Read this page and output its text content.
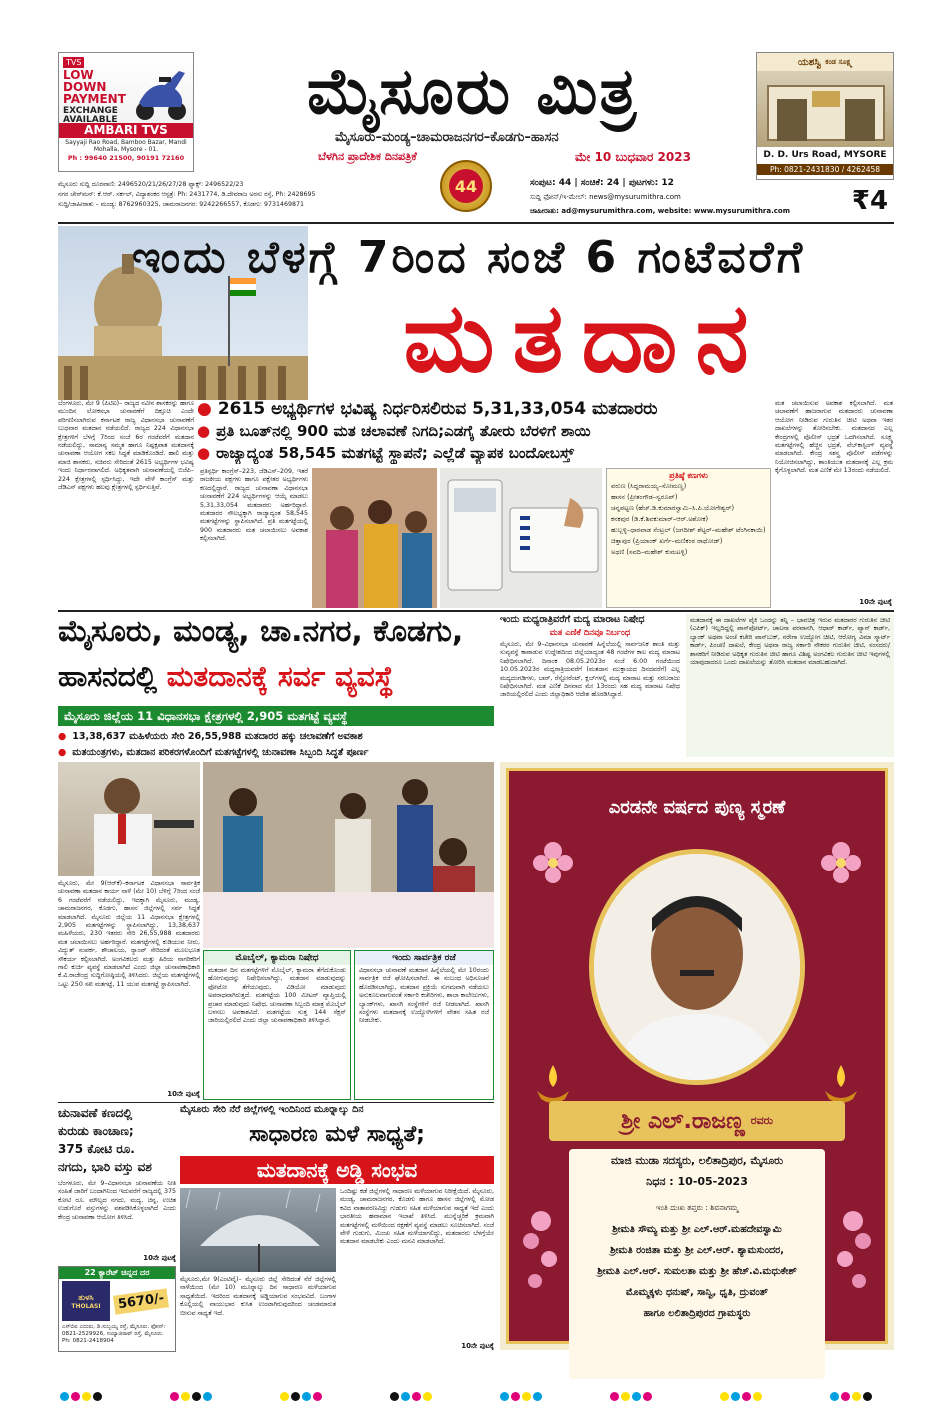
TVS
LOW
DOWN
PAYMENT
EXCHANGE
AVAILABLE
AMBARI TVS
Sayyaji Rao Road, Bamboo Bazar, Mandi Mohalla, Mysore - 01.
Ph : 99640 21500, 90191 72160
ಮೈಸೂರು ಮಿತ್ರ
ಮೈಸೂರು–ಮಂಡ್ಯ–ಚಾಮರಾಜನಗರ–ಕೊಡಗು–ಹಾಸನ
ಬೆಳಗಿನ ಪ್ರಾದೇಶಿಕ ದಿನಪತ್ರಿಕೆ	ಮೇ 10 ಬುಧವಾರ 2023
44
ಮೈಸೂರು ಸುದ್ದಿ ದೂರವಾಣಿ: 2496520/21/26/27/28 ಫ್ಯಾಕ್ಸ್: 2496522/23
ನಗರ ಚೇರ್‌ಮನ್: ಕೆ.ಆರ್. ಸರ್ಕಲ್, ವಿದ್ಯಾಶಂಕರ ಆಸ್ಪತ್ರೆ: Ph: 2431774, ಡಿ.ದೇವರಾಜ ಅರಸು ರಸ್ತೆ, Ph: 2428695
ಸುದ್ದಿ/ಜಾಹೀರಾತು – ಮಂಡ್ಯ: 8762960325, ಚಾಮರಾಜನಗರ: 9242266557, ಕೊಡಗು: 9731469871
ಸಂಪುಟ: 44 | ಸಂಚಿಕೆ: 24 | ಪುಟಗಳು: 12
ಸುದ್ದಿ ಫೋನ್/ಇ-ಮೇಲ್: news@mysurumithra.com
ಜಾಹೀರಾತು: ad@mysurumithra.com, website: www.mysurumithra.com	₹4
ಯಶಸ್ವಿ ಕಂಡ ಸೂಕ್ಷ್ಮ
D. D. Urs Road, MYSORE
Ph: 0821-2431830 / 4262458
ಇಂದು ಬೆಳಗ್ಗೆ 7ರಿಂದ ಸಂಜೆ 6 ಗಂಟೆವರೆಗೆ
ಮತದಾನ
● 2615 ಅಭ್ಯರ್ಥಿಗಳ ಭವಿಷ್ಯ ನಿರ್ಧರಿಸಲಿರುವ 5,31,33,054 ಮತದಾರರು
● ಪ್ರತಿ ಬೂತ್‌ನಲ್ಲಿ 900 ಮತ ಚಲಾವಣೆ ನಿಗದಿ;ಎಡಗೈ ತೋರು ಬೆರಳಿಗೆ ಶಾಯಿ
● ರಾಜ್ಯಾದ್ಯಂತ 58,545 ಮತಗಟ್ಟೆ ಸ್ಥಾಪನೆ; ಎಲ್ಲೆಡೆ ವ್ಯಾಪಕ ಬಂದೋಬಸ್ತ್
ಬೆಂಗಳೂರು, ಮೇ 9 (ಪಿಟಿಐ)– ರಾಜ್ಯದ ನವೀನ ಶಾಸಕರನ್ನು ಹಾಗೂ ಮುಂದಿನ ಲೋಕಸಭಾ ಚುನಾವಣೆಗೆ ದಿಕ್ಸೂಚಿ ಎಂದೇ ಪರಿಗಣಿಸಲಾಗಿರುವ ಕರ್ನಾಟಕ ರಾಜ್ಯ ವಿಧಾನಸಭಾ ಚುನಾವಣೆಗೆ ಬುಧವಾರ ಮತದಾನ ನಡೆಯಲಿದೆ. ರಾಜ್ಯದ 224 ವಿಧಾನಸಭಾ ಕ್ಷೇತ್ರಗಳಿಗೆ ಬೆಳಗ್ಗೆ 7ರಿಂದ ಸಂಜೆ 6ರ ಗಂಟೆವರೆಗೆ ಮತದಾನ ನಡೆಯಲಿದ್ದು, ಸಾಮಾನ್ಯ ಸಮ್ಮತ ಹಾಗೂ ನಿಷ್ಪಕ್ಷಪಾತ ಮತದಾನಕ್ಕೆ ಚುನಾವಣಾ ಆಯೋಗ ಸಕಲ ಸಿದ್ಧತೆ ಮಾಡಿಕೊಂಡಿದೆ. ಹಾಲಿ ಮತ್ತು ಮಾಜಿ ಶಾಸಕರು, ಸಚಿವರು ಸೇರಿದಂತೆ 2615 ಅಭ್ಯರ್ಥಿಗಳ ಭವಿಷ್ಯ ಇಂದು ನಿರ್ಧಾರವಾಗಲಿದೆ. ಅಧಿಕೃತವಾಗಿ ಚುನಾವಣೆಯಲ್ಲಿ ಬಿಜೆಪಿ–224 ಕ್ಷೇತ್ರಗಳಲ್ಲಿ ಸ್ಪರ್ಧಿಸಿದ್ದು, ಇದೇ ವೇಳೆ ಕಾಂಗ್ರೆಸ್ ಮತ್ತು ಜೆಡಿಎಸ್ ಪಕ್ಷಗಳು ಹಲವು ಕ್ಷೇತ್ರಗಳಲ್ಲಿ ಸ್ಪರ್ಧಿಸುತ್ತಿವೆ.
ಪ್ರತಿಸ್ಪರ್ಧಿ ಕಾಂಗ್ರೆಸ್–223, ಜೆಡಿಎಸ್–209, ಇತರೆ ರಾಜಕೀಯ ಪಕ್ಷಗಳು ಹಾಗೂ ಪಕ್ಷೇತರ ಅಭ್ಯರ್ಥಿಗಳು ಕಣದಲ್ಲಿದ್ದಾರೆ. ರಾಜ್ಯದ ಚುನಾವಣಾ ವಿಧಾನಸಭಾ ಚುನಾವಣೆಗೆ 224 ಅಭ್ಯರ್ಥಿಗಳನ್ನು ಆಯ್ಕೆ ಮಾಡಲು 5,31,33,054 ಮತದಾರರು ಅರ್ಹರಿದ್ದಾರೆ. ಮತದಾರರ ಸೌಲಭ್ಯಕ್ಕಾಗಿ ರಾಜ್ಯಾದ್ಯಂತ 58,545 ಮತಗಟ್ಟೆಗಳನ್ನು ಸ್ಥಾಪಿಸಲಾಗಿದೆ. ಪ್ರತಿ ಮತಗಟ್ಟೆಯಲ್ಲಿ 900 ಮತದಾರರು ಮತ ಚಲಾಯಿಸಲು ಅವಕಾಶ ಕಲ್ಪಿಸಲಾಗಿದೆ.
ಪ್ರತಿಷ್ಠೆ ಕಣಗಳು
ವರುಣ (ಸಿದ್ದರಾಮಯ್ಯ–ಸೋಮಣ್ಣ)
ಹಾಸನ (ಪ್ರೀತಂಗೌಡ–ಸ್ವರೂಪ್)
ಚನ್ನಪಟ್ಟಣ (ಹೆಚ್.ಡಿ.ಕುಮಾರಸ್ವಾಮಿ–ಸಿ.ಪಿ.ಯೋಗೇಶ್ವರ್)
ಕನಕಪುರ (ಡಿ.ಕೆ.ಶಿವಕುಮಾರ್–ಆರ್.ಅಶೋಕ)
ಹುಬ್ಬಳ್ಳಿ–ಧಾರವಾಡ ಸೆಂಟ್ರಲ್ (ಜಗದೀಶ್ ಶೆಟ್ಟರ್–ಮಹೇಶ್ ಟೆಂಗಿನಕಾಯಿ)
ಚಿತ್ತಾಪುರ (ಪ್ರಿಯಾಂಕ್ ಖರ್ಗೆ–ಮಣಿಕಂಠ ರಾಥೋಡ್)
ಅಥಣಿ (ಸವದಿ–ಮಹೇಶ್ ಕುಮಟಳ್ಳಿ)
ಮತ ಚಲಾಯಿಸುವ ಅವಕಾಶ ಕಲ್ಪಿಸಲಾಗಿದೆ. ಮತ ಚಲಾವಣೆಗೆ ಹಾಜರಾಗುವ ಮತದಾರರು ಚುನಾವಣಾ ಆಯೋಗ ನೀಡಿರುವ ಗುರುತಿನ ಚೀಟಿ ಅಥವಾ ಇತರ ದಾಖಲೆಗಳನ್ನು ತೋರಿಸಬೇಕು. ಮತದಾನದ ಎಲ್ಲ ಕೇಂದ್ರಗಳಲ್ಲಿ ಪೊಲೀಸ್ ಭದ್ರತೆ ಒದಗಿಸಲಾಗಿದೆ. ಸೂಕ್ಷ್ಮ ಮತಗಟ್ಟೆಗಳಲ್ಲಿ ಹೆಚ್ಚಿನ ಭದ್ರತೆ, ವೆಬ್‌ಕಾಸ್ಟಿಂಗ್ ವ್ಯವಸ್ಥೆ ಮಾಡಲಾಗಿದೆ. ಕೇಂದ್ರ ಸಶಸ್ತ್ರ ಪೊಲೀಸ್ ಪಡೆಗಳನ್ನು ನಿಯೋಜಿಸಲಾಗಿದ್ದು, ಶಾಂತಿಯುತ ಮತದಾನಕ್ಕೆ ಎಲ್ಲ ಕ್ರಮ ಕೈಗೊಳ್ಳಲಾಗಿದೆ. ಮತ ಎಣಿಕೆ ಮೇ 13ರಂದು ನಡೆಯಲಿದೆ.
10ನೇ ಪುಟಕ್ಕೆ
ಮೈಸೂರು, ಮಂಡ್ಯ, ಚಾ.ನಗರ, ಕೊಡಗು,
ಹಾಸನದಲ್ಲಿ ಮತದಾನಕ್ಕೆ ಸರ್ವ ವ್ಯವಸ್ಥೆ
ಮೈಸೂರು ಜಿಲ್ಲೆಯ 11 ವಿಧಾನಸಭಾ ಕ್ಷೇತ್ರಗಳಲ್ಲಿ 2,905 ಮತಗಟ್ಟೆ ವ್ಯವಸ್ಥೆ
● 13,38,637 ಮಹಿಳೆಯರು ಸೇರಿ 26,55,988 ಮತದಾರರ ಹಕ್ಕು ಚಲಾವಣೆಗೆ ಅವಕಾಶ
● ಮತಯಂತ್ರಗಳು, ಮತದಾನ ಪರಿಕರಗಳೊಂದಿಗೆ ಮತಗಟ್ಟೆಗಳಲ್ಲಿ ಚುನಾವಣಾ ಸಿಬ್ಬಂದಿ ಸಿದ್ಧತೆ ಪೂರ್ಣ
ಮೈಸೂರು, ಮೇ 9(ಆರ್‌ಕೆ)–ಕರ್ನಾಟಕ ವಿಧಾನಸಭಾ ಸಾರ್ವತ್ರಿಕ ಚುನಾವಣಾ ಮತದಾನ ಕಾರ್ಯ ನಾಳೆ (ಮೇ 10) ಬೆಳಿಗ್ಗೆ 7ರಿಂದ ಸಂಜೆ 6 ಗಂಟೆವರೆಗೆ ನಡೆಯಲಿದ್ದು, ಇದಕ್ಕಾಗಿ ಮೈಸೂರು, ಮಂಡ್ಯ, ಚಾಮರಾಜನಗರ, ಕೊಡಗು, ಹಾಸನ ಜಿಲ್ಲೆಗಳಲ್ಲಿ ಸರ್ವ ಸಿದ್ಧತೆ ಮಾಡಲಾಗಿದೆ. ಮೈಸೂರು ಜಿಲ್ಲೆಯ 11 ವಿಧಾನಸಭಾ ಕ್ಷೇತ್ರಗಳಲ್ಲಿ 2,905 ಮತಗಟ್ಟೆಗಳನ್ನು ಸ್ಥಾಪಿಸಲಾಗಿದ್ದು, 13,38,637 ಮಹಿಳೆಯರು, 230 ಇತರರು ಸೇರಿ 26,55,988 ಮತದಾರರು ಮತ ಚಲಾಯಿಸಲು ಅರ್ಹರಿದ್ದಾರೆ. ಮತಗಟ್ಟೆಗಳಲ್ಲಿ ಕುಡಿಯುವ ನೀರು, ವಿದ್ಯುತ್ ಸಂಪರ್ಕ, ಶೌಚಾಲಯ, ರ‍್ಯಾಂಪ್ ಸೇರಿದಂತೆ ಮೂಲಭೂತ ಸೌಕರ್ಯ ಕಲ್ಪಿಸಲಾಗಿದೆ. ಅಂಗವಿಕಲರು ಮತ್ತು ಹಿರಿಯ ನಾಗರಿಕರಿಗೆ ಗಾಲಿ ಕುರ್ಚಿ ವ್ಯವಸ್ಥೆ ಮಾಡಲಾಗಿದೆ ಎಂದು ಜಿಲ್ಲಾ ಚುನಾವಣಾಧಿಕಾರಿ ಕೆ.ವಿ.ರಾಜೇಂದ್ರ ಸುದ್ದಿಗೋಷ್ಠಿಯಲ್ಲಿ ತಿಳಿಸಿದರು. ಜಿಲ್ಲೆಯ ಮತಗಟ್ಟೆಗಳಲ್ಲಿ ಒಟ್ಟು 250 ಸಖಿ ಮತಗಟ್ಟೆ, 11 ಯುವ ಮತಗಟ್ಟೆ ಸ್ಥಾಪಿಸಲಾಗಿದೆ.
10ನೇ ಪುಟಕ್ಕೆ
ಮೊಬೈಲ್, ಕ್ಯಾಮರಾ ನಿಷೇಧ
ಮತದಾನ ದಿನ ಮತಗಟ್ಟೆಗಳಿಗೆ ಮೊಬೈಲ್, ಕ್ಯಾಮರಾ ತೆಗೆದುಕೊಂಡು ಹೋಗುವುದನ್ನು ನಿಷೇಧಿಸಲಾಗಿದ್ದು, ಮತದಾನ ಮಾಡುವುದನ್ನು ಫೋಟೋ ತೆಗೆಯುವುದು, ವಿಡಿಯೋ ಮಾಡುವುದು ಅಪರಾಧವಾಗಿರುತ್ತದೆ. ಮತಗಟ್ಟೆಯ 100 ಮೀಟರ್ ವ್ಯಾಪ್ತಿಯಲ್ಲಿ ಪ್ರಚಾರ ಮಾಡುವುದು ನಿಷೇಧ. ಚುನಾವಣಾ ಸಿಬ್ಬಂದಿ ಮಾತ್ರ ಮೊಬೈಲ್ ಬಳಸಲು ಅವಕಾಶವಿದೆ. ಮತಗಟ್ಟೆಯ ಸುತ್ತ 144 ಸೆಕ್ಷನ್ ಜಾರಿಯಲ್ಲಿರಲಿದೆ ಎಂದು ಜಿಲ್ಲಾ ಚುನಾವಣಾಧಿಕಾರಿ ತಿಳಿಸಿದ್ದಾರೆ.
ಇಂದು ಸಾರ್ವತ್ರಿಕ ರಜೆ
ವಿಧಾನಸಭಾ ಚುನಾವಣೆ ಮತದಾನ ಹಿನ್ನೆಲೆಯಲ್ಲಿ ಮೇ 10ರಂದು ಸಾರ್ವತ್ರಿಕ ರಜೆ ಘೋಷಿಸಲಾಗಿದೆ. ಈ ಸಂಬಂಧ ಅಧಿಸೂಚನೆ ಹೊರಡಿಸಲಾಗಿದ್ದು, ಮತದಾನ ಪ್ರಕ್ರಿಯೆ ಸುಗಮವಾಗಿ ನಡೆಯಲು ಅನುಕೂಲವಾಗುವಂತೆ ಸರ್ಕಾರಿ ಕಚೇರಿಗಳು, ಶಾಲಾ ಕಾಲೇಜುಗಳು, ಬ್ಯಾಂಕ್‌ಗಳು, ಖಾಸಗಿ ಸಂಸ್ಥೆಗಳಿಗೆ ರಜೆ ನೀಡಲಾಗಿದೆ. ಖಾಸಗಿ ಸಂಸ್ಥೆಗಳು ಮತದಾನಕ್ಕೆ ಉದ್ಯೋಗಿಗಳಿಗೆ ವೇತನ ಸಹಿತ ರಜೆ ನೀಡಬೇಕು.
ಇಂದು ಮಧ್ಯರಾತ್ರಿವರೆಗೆ ಮದ್ಯ ಮಾರಾಟ ನಿಷೇಧ
ಮತ ಎಣಿಕೆ ದಿನವೂ ನಿರ್ಬಂಧ
ಮೈಸೂರು, ಮೇ 9–ವಿಧಾನಸಭಾ ಚುನಾವಣೆ ಹಿನ್ನೆಲೆಯಲ್ಲಿ ಸಾರ್ವಜನಿಕ ಶಾಂತಿ ಮತ್ತು ಸುವ್ಯವಸ್ಥೆ ಕಾಪಾಡುವ ಉದ್ದೇಶದಿಂದ ಜಿಲ್ಲೆಯಾದ್ಯಂತ 48 ಗಂಟೆಗಳ ಕಾಲ ಮದ್ಯ ಮಾರಾಟ ನಿಷೇಧಿಸಲಾಗಿದೆ. ದಿನಾಂಕ 08.05.2023ರ ಸಂಜೆ 6.00 ಗಂಟೆಯಿಂದ 10.05.2023ರ ಮಧ್ಯರಾತ್ರಿಯವರೆಗೆ (ಮತದಾನ ಮುಕ್ತಾಯದ ದಿನದವರೆಗೆ) ಎಲ್ಲ ಮದ್ಯದಂಗಡಿಗಳು, ಬಾರ್, ರೆಸ್ಟೋರೆಂಟ್, ಕ್ಲಬ್‌ಗಳಲ್ಲಿ ಮದ್ಯ ಮಾರಾಟ ಮತ್ತು ಸರಬರಾಜು ನಿಷೇಧಿಸಲಾಗಿದೆ. ಮತ ಎಣಿಕೆ ದಿನವಾದ ಮೇ 13ರಂದು ಸಹ ಮದ್ಯ ಮಾರಾಟ ನಿಷೇಧ ಜಾರಿಯಲ್ಲಿರಲಿದೆ ಎಂದು ಜಿಲ್ಲಾಧಿಕಾರಿ ಆದೇಶ ಹೊರಡಿಸಿದ್ದಾರೆ.
ಮತದಾನಕ್ಕೆ ಈ ದಾಖಲೆಗಳ ಪೈಕಿ ಒಂದನ್ನು ತನ್ನಿ – ಭಾವಚಿತ್ರ ಇರುವ ಮತದಾರರ ಗುರುತಿನ ಚೀಟಿ (ಎಪಿಕ್) ಇಲ್ಲದಿದ್ದಲ್ಲಿ ಪಾಸ್‌ಪೋರ್ಟ್, ಚಾಲನಾ ಪರವಾನಗಿ, ಆಧಾರ್ ಕಾರ್ಡ್, ಪ್ಯಾನ್ ಕಾರ್ಡ್, ಬ್ಯಾಂಕ್ ಅಥವಾ ಅಂಚೆ ಕಚೇರಿ ಪಾಸ್‌ಬುಕ್, ನರೇಗಾ ಉದ್ಯೋಗ ಚೀಟಿ, ಆರೋಗ್ಯ ವಿಮಾ ಸ್ಮಾರ್ಟ್ ಕಾರ್ಡ್, ಪಿಂಚಣಿ ದಾಖಲೆ, ಕೇಂದ್ರ ಅಥವಾ ರಾಜ್ಯ ಸರ್ಕಾರಿ ನೌಕರರ ಗುರುತಿನ ಚೀಟಿ, ಸಂಸದರು/ಶಾಸಕರಿಗೆ ನೀಡಿರುವ ಅಧಿಕೃತ ಗುರುತಿನ ಚೀಟಿ ಹಾಗೂ ವಿಶಿಷ್ಟ ಅಂಗವಿಕಲ ಗುರುತಿನ ಚೀಟಿ ಇವುಗಳಲ್ಲಿ ಯಾವುದಾದರೂ ಒಂದು ದಾಖಲೆಯನ್ನು ತೋರಿಸಿ ಮತದಾನ ಮಾಡಬಹುದಾಗಿದೆ.
ಎರಡನೇ ವರ್ಷದ ಪುಣ್ಯ ಸ್ಮರಣೆ
ಶ್ರೀ ಎಲ್.ರಾಜಣ್ಣ ರವರು
ಮಾಜಿ ಮುಡಾ ಸದಸ್ಯರು, ಲಲಿತಾದ್ರಿಪುರ, ಮೈಸೂರು
ನಿಧನ : 10-05-2023
ಇಂತಿ ದುಃಖ ತಪ್ತರು : ಶಿವನಾಗಮ್ಮ
ಶ್ರೀಮತಿ ಸೌಮ್ಯ ಮತ್ತು ಶ್ರೀ ಎಲ್.ಆರ್.ಮಹದೇವಸ್ವಾಮಿ
ಶ್ರೀಮತಿ ರಂಜಿತಾ ಮತ್ತು ಶ್ರೀ ಎಲ್.ಆರ್. ಶ್ಯಾಮಸುಂದರ,
ಶ್ರೀಮತಿ ಎಲ್.ಆರ್. ಸುಮಲತಾ ಮತ್ತು ಶ್ರೀ ಹೆಚ್.ವಿ.ಮಧುಕೇಶ್
ಮೊಮ್ಮಕ್ಕಳು ಧನುಷ್, ಸಾನ್ವಿ, ಧೃತಿ, ದ್ರುವಂತ್
ಹಾಗೂ ಲಲಿತಾದ್ರಿಪುರದ ಗ್ರಾಮಸ್ಥರು
ಚುನಾವಣೆ ಕಣದಲ್ಲಿ
ಕುರುಡು ಕಾಂಚಾಣ;
375 ಕೋಟಿ ರೂ.
ನಗದು, ಭಾರಿ ವಸ್ತು ವಶ
ಬೆಂಗಳೂರು, ಮೇ 9–ವಿಧಾನಸಭಾ ಚುನಾವಣೆಯ ನೀತಿ ಸಂಹಿತೆ ಜಾರಿಗೆ ಬಂದಾಗಿನಿಂದ ಇದುವರೆಗೆ ರಾಜ್ಯದಲ್ಲಿ 375 ಕೋಟಿ ರೂ. ಮೌಲ್ಯದ ನಗದು, ಮದ್ಯ, ಚಿನ್ನ, ಉಚಿತ ಉಡುಗೊರೆ ವಸ್ತುಗಳನ್ನು ವಶಪಡಿಸಿಕೊಳ್ಳಲಾಗಿದೆ ಎಂದು ಕೇಂದ್ರ ಚುನಾವಣಾ ಆಯೋಗ ತಿಳಿಸಿದೆ.
10ನೇ ಪುಟಕ್ಕೆ
22 ಕ್ಯಾರೆಟ್ ಚಿನ್ನದ ದರ
ತುಳಸಿ
THOLASI	5670/-
ಎಸ್‌ಬಿಐ ಎದುರು, ಡಿ.ಸುಬ್ಬಯ್ಯ ರಸ್ತೆ, ಮೈಸೂರು. ಫೋನ್: 0821-2529926, ಸಯ್ಯಾಜಿರಾವ್ ರಸ್ತೆ, ಮೈಸೂರು. Ph: 0821-2418904
ಮೈಸೂರು ಸೇರಿ ನೆರೆ ಜಿಲ್ಲೆಗಳಲ್ಲಿ ಇಂದಿನಿಂದ ಮೂರ್‍ನಾಲ್ಕು ದಿನ
ಸಾಧಾರಣ ಮಳೆ ಸಾಧ್ಯತೆ;
ಮತದಾನಕ್ಕೆ ಅಡ್ಡಿ ಸಂಭವ
ಮೈಸೂರು,ಮೇ 9(ಎಂಟಿವೈ)– ಮೈಸೂರು ಜಿಲ್ಲೆ ಸೇರಿದಂತೆ ನೆರೆ ಜಿಲ್ಲೆಗಳಲ್ಲಿ ನಾಳೆಯಿಂದ (ಮೇ 10) ಮೂರ್‍ನಾಲ್ಕು ದಿನ ಸಾಧಾರಣ ಮಳೆಯಾಗುವ ಸಾಧ್ಯತೆಯಿದೆ. ಇದರಿಂದ ಮತದಾನಕ್ಕೆ ಅಡ್ಡಿಯಾಗುವ ಸಂಭವವಿದೆ. ಬಂಗಾಳ ಕೊಲ್ಲಿಯಲ್ಲಿ ವಾಯುಭಾರ ಕುಸಿತ ಉಂಟಾಗಿರುವುದರಿಂದ ಚಂಡಮಾರುತ ಬೀಸುವ ಸಾಧ್ಯತೆ ಇದೆ.
ಒಂದಿಷ್ಟು ಕಡೆ ಜಿಲ್ಲೆಗಳಲ್ಲಿ ಸಾಧಾರಣ ಮಳೆಯಾಗುವ ನಿರೀಕ್ಷೆಯಿದೆ. ಮೈಸೂರು, ಮಂಡ್ಯ, ಚಾಮರಾಜನಗರ, ಕೊಡಗು ಹಾಗೂ ಹಾಸನ ಜಿಲ್ಲೆಗಳಲ್ಲಿ ಮೋಡ ಕವಿದ ವಾತಾವರಣವಿದ್ದು ಗುಡುಗು ಸಹಿತ ಮಳೆಯಾಗುವ ಸಾಧ್ಯತೆ ಇದೆ ಎಂದು ಭಾರತೀಯ ಹವಾಮಾನ ಇಲಾಖೆ ತಿಳಿಸಿದೆ. ಮುನ್ನೆಚ್ಚರಿಕೆ ಕ್ರಮವಾಗಿ ಮತಗಟ್ಟೆಗಳಲ್ಲಿ ಮಳೆಯಿಂದ ರಕ್ಷಣೆಗೆ ವ್ಯವಸ್ಥೆ ಮಾಡಲು ಸೂಚಿಸಲಾಗಿದೆ. ಸಂಜೆ ವೇಳೆ ಗುಡುಗು, ಮಿಂಚು ಸಹಿತ ಮಳೆಯಾಗಲಿದ್ದು, ಮತದಾರರು ಬೆಳಗ್ಗೆಯೇ ಮತದಾನ ಮಾಡಬೇಕು ಎಂದು ಮನವಿ ಮಾಡಲಾಗಿದೆ.
10ನೇ ಪುಟಕ್ಕೆ
